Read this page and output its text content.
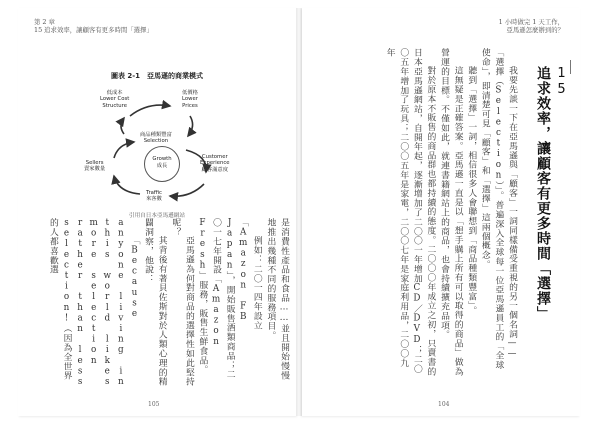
第 2 章
15 追求效率，讓顧客有更多時間「選擇」
圖表 2-1　亞馬遜的商業模式
低成本
Lower Cost
Structure
低價格
Lower
Prices
商品種類豐富
Selection
Growth
成長
Customer
Experience
顧客滿意度
Sellers
賣家數量
Traffic
來客數
引用自日本亞馬遜網站

是消費性產品和食品……並且開始慢慢地推出幾種不同的服務項目。

例如：二〇一四年設立「Amazon FB Japan」，開始販售酒類商品；二〇一七年開設「Amazon Fresh」服務，販售生鮮食品。

亞馬遜為何對商品的選擇性如此堅持呢？

其背後有著貝佐斯對於人類心理的精闢洞察，他說：

「Because anyone living in this world likes more selection rather than less selection!（因為全世界的人都喜歡選

105
1 小時做完 1 天工作，
亞馬遜怎麼辦到的？
15追求效率，讓顧客有更多時間「選擇」

我要先談一下在亞馬遜與「顧客」一詞同樣備受重視的另一個名詞——「選擇（Selection）」。普遍深入全球每一位亞馬遜員工的「全球使命」，即清楚可見「顧客」和「選擇」這兩個概念。

聽到「選擇」一詞，相信很多人會聯想到「商品種類豐富」。

這無疑是正確答案。亞馬遜一直是以「想手購上所有可以取得的商品」做為營運的目標。不僅如此，就連書籍網站上的商品，也會持續擴充品項。

對於原本不販售的商品群也都持續的態度。二〇〇〇年成立之初，只賣書的日本亞馬遜網站，自開年起，逐漸增加了二〇〇一年增加CD／DVD；二〇〇五年增加了玩具；二〇〇五年是家電，二〇〇七年是家庭利用品，二〇〇九年

104
